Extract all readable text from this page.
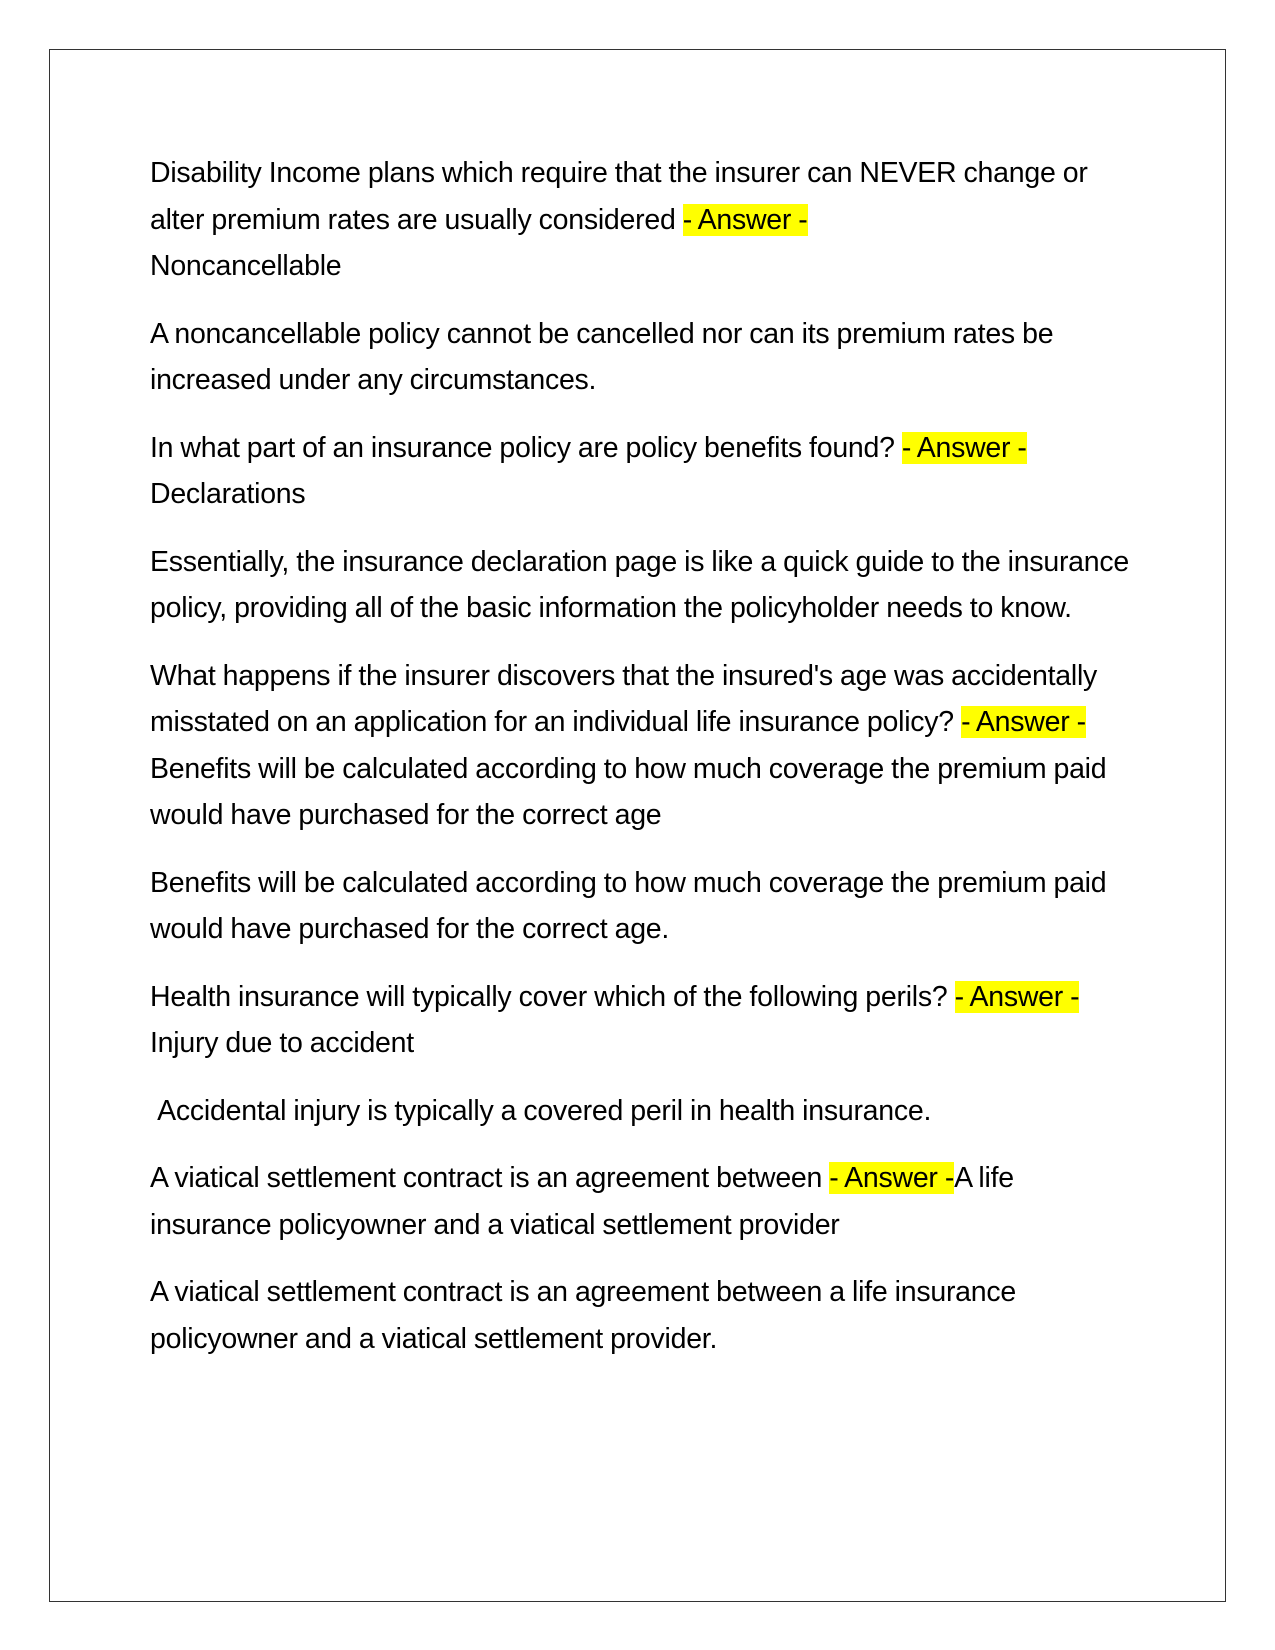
Disability Income plans which require that the insurer can NEVER change or alter premium rates are usually considered - Answer -
Noncancellable

A noncancellable policy cannot be cancelled nor can its premium rates be increased under any circumstances.

In what part of an insurance policy are policy benefits found? - Answer -
Declarations

Essentially, the insurance declaration page is like a quick guide to the insurance policy, providing all of the basic information the policyholder needs to know.

What happens if the insurer discovers that the insured's age was accidentally misstated on an application for an individual life insurance policy? - Answer -Benefits will be calculated according to how much coverage the premium paid would have purchased for the correct age

Benefits will be calculated according to how much coverage the premium paid would have purchased for the correct age.

Health insurance will typically cover which of the following perils? - Answer -Injury due to accident

Accidental injury is typically a covered peril in health insurance.

A viatical settlement contract is an agreement between - Answer -A life insurance policyowner and a viatical settlement provider

A viatical settlement contract is an agreement between a life insurance policyowner and a viatical settlement provider.
